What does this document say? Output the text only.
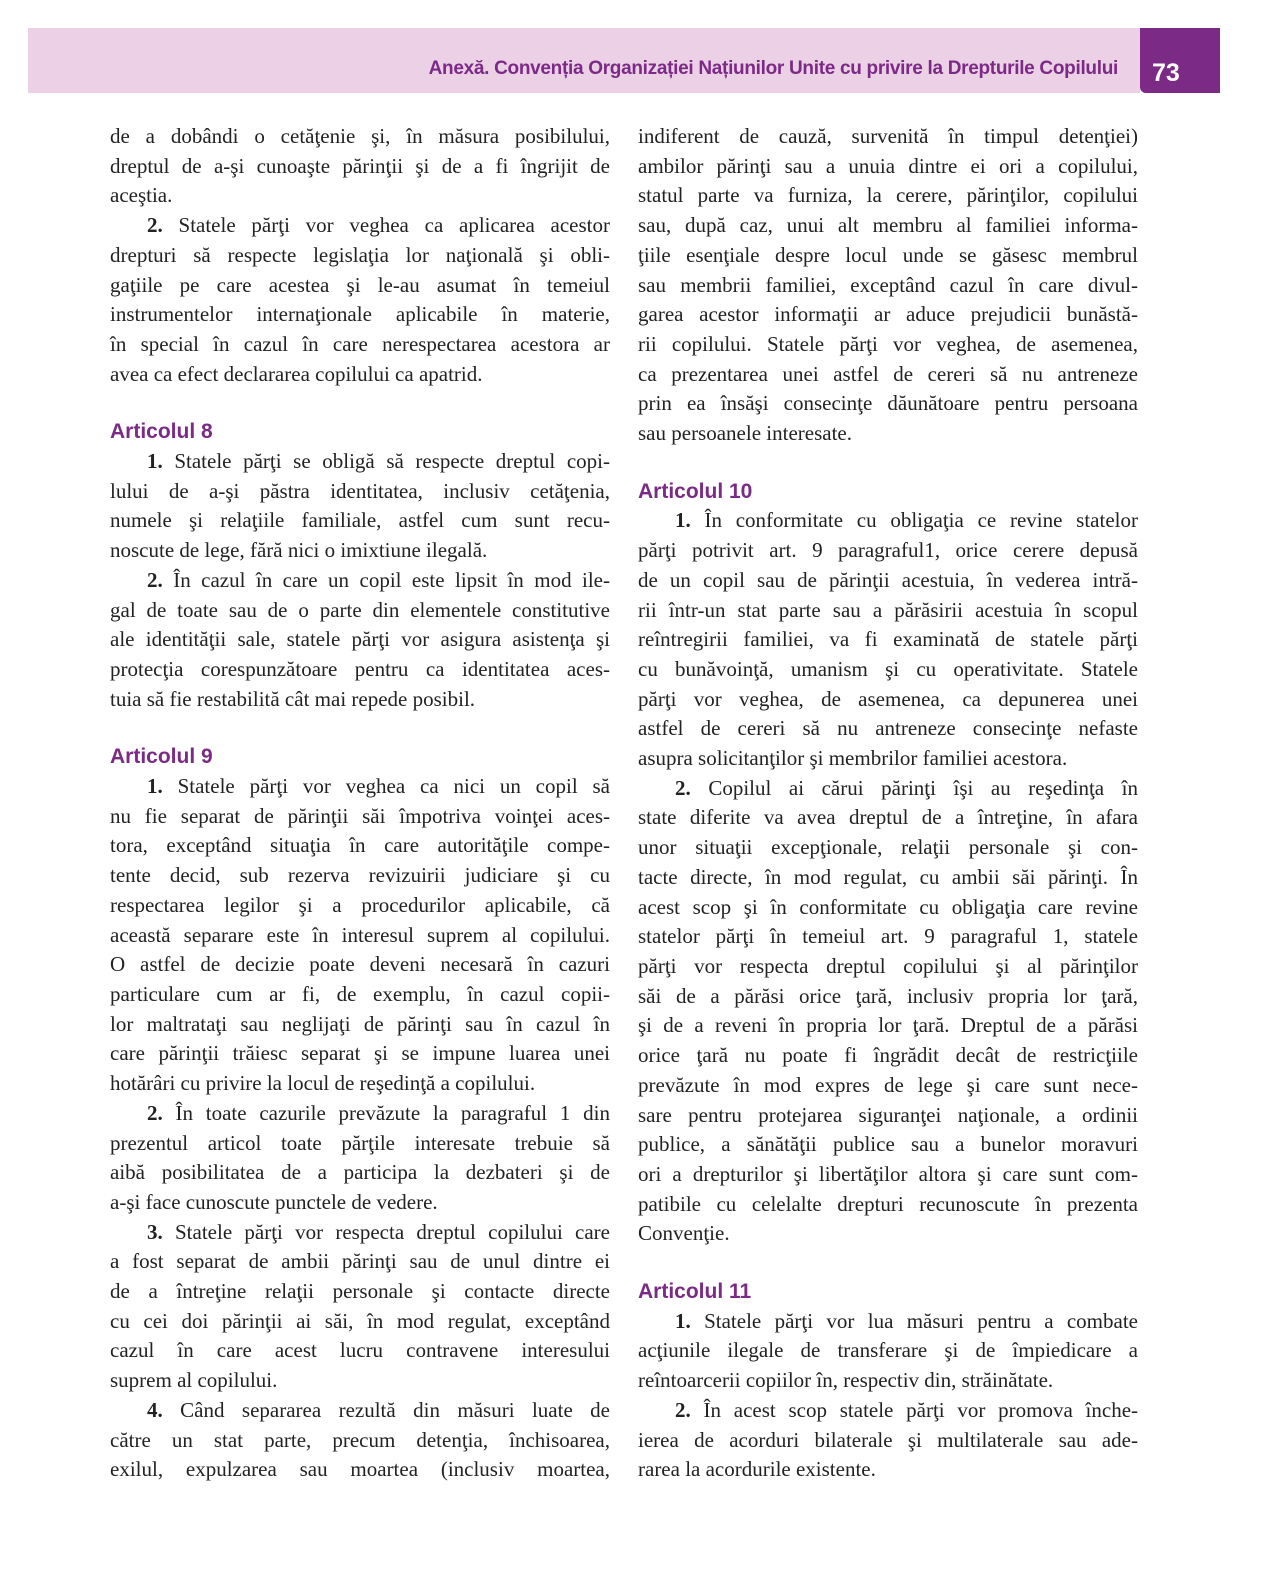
Anexă. Convenția Organizației Națiunilor Unite cu privire la Drepturile Copilului	73
de a dobândi o cetăţenie şi, în măsura posibilului,
dreptul de a-şi cunoaşte părinţii şi de a fi îngrijit de
aceştia.
2. Statele părţi vor veghea ca aplicarea acestor
drepturi să respecte legislaţia lor naţională şi obli-
gaţiile pe care acestea şi le-au asumat în temeiul
instrumentelor internaţionale aplicabile în materie,
în special în cazul în care nerespectarea acestora ar
avea ca efect declararea copilului ca apatrid.
Articolul 8
1. Statele părţi se obligă să respecte dreptul copi-
lului de a-şi păstra identitatea, inclusiv cetăţenia,
numele şi relaţiile familiale, astfel cum sunt recu-
noscute de lege, fără nici o imixtiune ilegală.
2. În cazul în care un copil este lipsit în mod ile-
gal de toate sau de o parte din elementele constitutive
ale identităţii sale, statele părţi vor asigura asistenţa şi
protecţia corespunzătoare pentru ca identitatea aces-
tuia să fie restabilită cât mai repede posibil.
Articolul 9
1. Statele părţi vor veghea ca nici un copil să
nu fie separat de părinţii săi împotriva voinţei aces-
tora, exceptând situaţia în care autorităţile compe-
tente decid, sub rezerva revizuirii judiciare şi cu
respectarea legilor şi a procedurilor aplicabile, că
această separare este în interesul suprem al copilului.
O astfel de decizie poate deveni necesară în cazuri
particulare cum ar fi, de exemplu, în cazul copii-
lor maltrataţi sau neglijaţi de părinţi sau în cazul în
care părinţii trăiesc separat şi se impune luarea unei
hotărâri cu privire la locul de reşedinţă a copilului.
2. În toate cazurile prevăzute la paragraful 1 din
prezentul articol toate părţile interesate trebuie să
aibă posibilitatea de a participa la dezbateri şi de
a-şi face cunoscute punctele de vedere.
3. Statele părţi vor respecta dreptul copilului care
a fost separat de ambii părinţi sau de unul dintre ei
de a întreţine relaţii personale şi contacte directe
cu cei doi părinţii ai săi, în mod regulat, exceptând
cazul în care acest lucru contravene interesului
suprem al copilului.
4. Când separarea rezultă din măsuri luate de
către un stat parte, precum detenţia, închisoarea,
exilul, expulzarea sau moartea (inclusiv moartea,
indiferent de cauză, survenită în timpul detenţiei)
ambilor părinţi sau a unuia dintre ei ori a copilului,
statul parte va furniza, la cerere, părinţilor, copilului
sau, după caz, unui alt membru al familiei informa-
ţiile esenţiale despre locul unde se găsesc membrul
sau membrii familiei, exceptând cazul în care divul-
garea acestor informaţii ar aduce prejudicii bunăstă-
rii copilului. Statele părţi vor veghea, de asemenea,
ca prezentarea unei astfel de cereri să nu antreneze
prin ea însăşi consecinţe dăunătoare pentru persoana
sau persoanele interesate.
Articolul 10
1. În conformitate cu obligaţia ce revine statelor
părţi potrivit art. 9 paragraful1, orice cerere depusă
de un copil sau de părinţii acestuia, în vederea intră-
rii într-un stat parte sau a părăsirii acestuia în scopul
reîntregirii familiei, va fi examinată de statele părţi
cu bunăvoinţă, umanism şi cu operativitate. Statele
părţi vor veghea, de asemenea, ca depunerea unei
astfel de cereri să nu antreneze consecinţe nefaste
asupra solicitanţilor şi membrilor familiei acestora.
2. Copilul ai cărui părinţi îşi au reşedinţa în
state diferite va avea dreptul de a întreţine, în afara
unor situaţii excepţionale, relaţii personale şi con-
tacte directe, în mod regulat, cu ambii săi părinţi. În
acest scop şi în conformitate cu obligaţia care revine
statelor părţi în temeiul art. 9 paragraful 1, statele
părţi vor respecta dreptul copilului şi al părinţilor
săi de a părăsi orice ţară, inclusiv propria lor ţară,
şi de a reveni în propria lor ţară. Dreptul de a părăsi
orice ţară nu poate fi îngrădit decât de restricţiile
prevăzute în mod expres de lege şi care sunt nece-
sare pentru protejarea siguranţei naţionale, a ordinii
publice, a sănătăţii publice sau a bunelor moravuri
ori a drepturilor şi libertăţilor altora şi care sunt com-
patibile cu celelalte drepturi recunoscute în prezenta
Convenţie.
Articolul 11
1. Statele părţi vor lua măsuri pentru a combate
acţiunile ilegale de transferare şi de împiedicare a
reîntoarcerii copiilor în, respectiv din, străinătate.
2. În acest scop statele părţi vor promova înche-
ierea de acorduri bilaterale şi multilaterale sau ade-
rarea la acordurile existente.
